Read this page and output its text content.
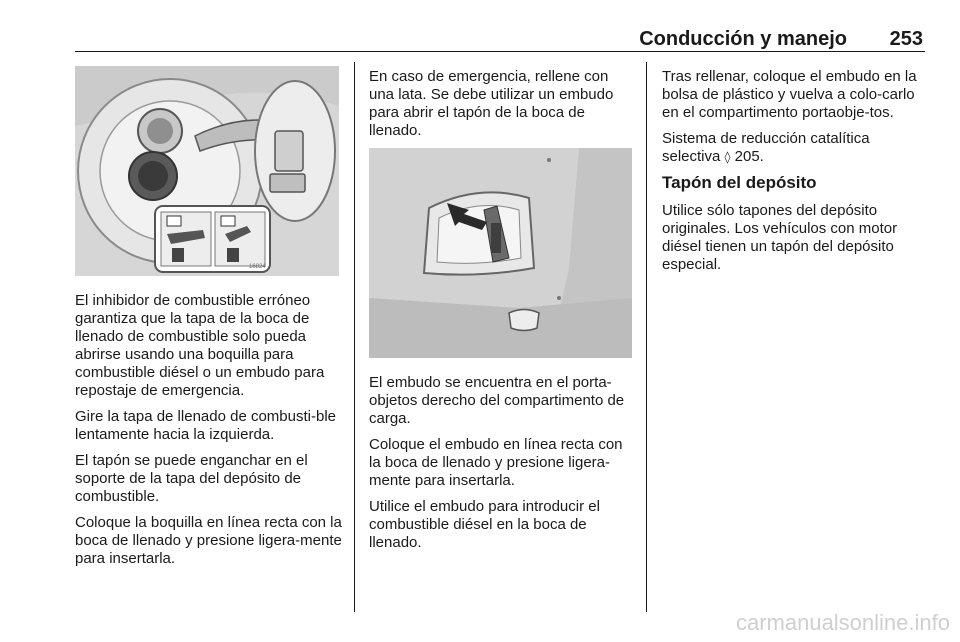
Conducción y manejo 253
16824

El inhibidor de combustible erróneo garantiza que la tapa de la boca de llenado de combustible solo pueda abrirse usando una boquilla para combustible diésel o un embudo para repostaje de emergencia.

Gire la tapa de llenado de combusti-ble lentamente hacia la izquierda.

El tapón se puede enganchar en el soporte de la tapa del depósito de combustible.

Coloque la boquilla en línea recta con la boca de llenado y presione ligera-mente para insertarla.

En caso de emergencia, rellene con una lata. Se debe utilizar un embudo para abrir el tapón de la boca de llenado.

El embudo se encuentra en el porta-objetos derecho del compartimento de carga.

Coloque el embudo en línea recta con la boca de llenado y presione ligera-mente para insertarla.

Utilice el embudo para introducir el combustible diésel en la boca de llenado.

Tras rellenar, coloque el embudo en la bolsa de plástico y vuelva a colo-carlo en el compartimento portaobje-tos.

Sistema de reducción catalítica selectiva ◊ 205.

Tapón del depósito

Utilice sólo tapones del depósito originales. Los vehículos con motor diésel tienen un tapón del depósito especial.

carmanualsonline.info
